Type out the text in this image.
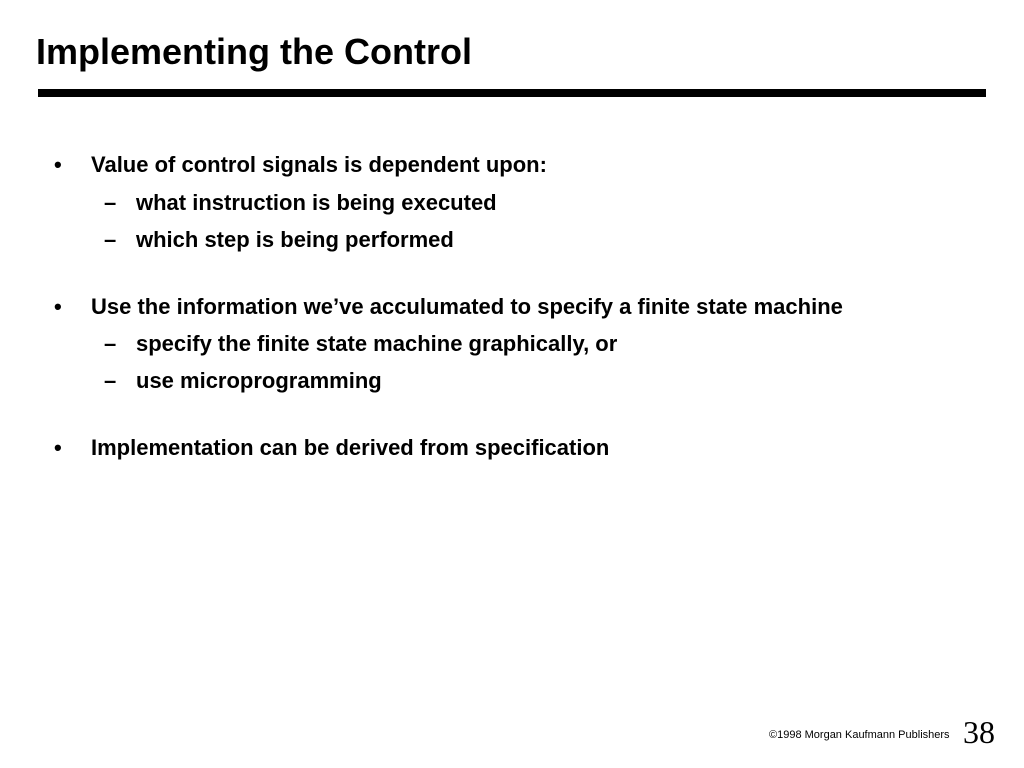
Implementing the Control
• Value of control signals is dependent upon:
– what instruction is being executed
– which step is being performed
• Use the information we’ve acculumated to specify a finite state machine
– specify the finite state machine graphically, or
– use microprogramming
• Implementation can be derived from specification
©1998 Morgan Kaufmann Publishers 38
